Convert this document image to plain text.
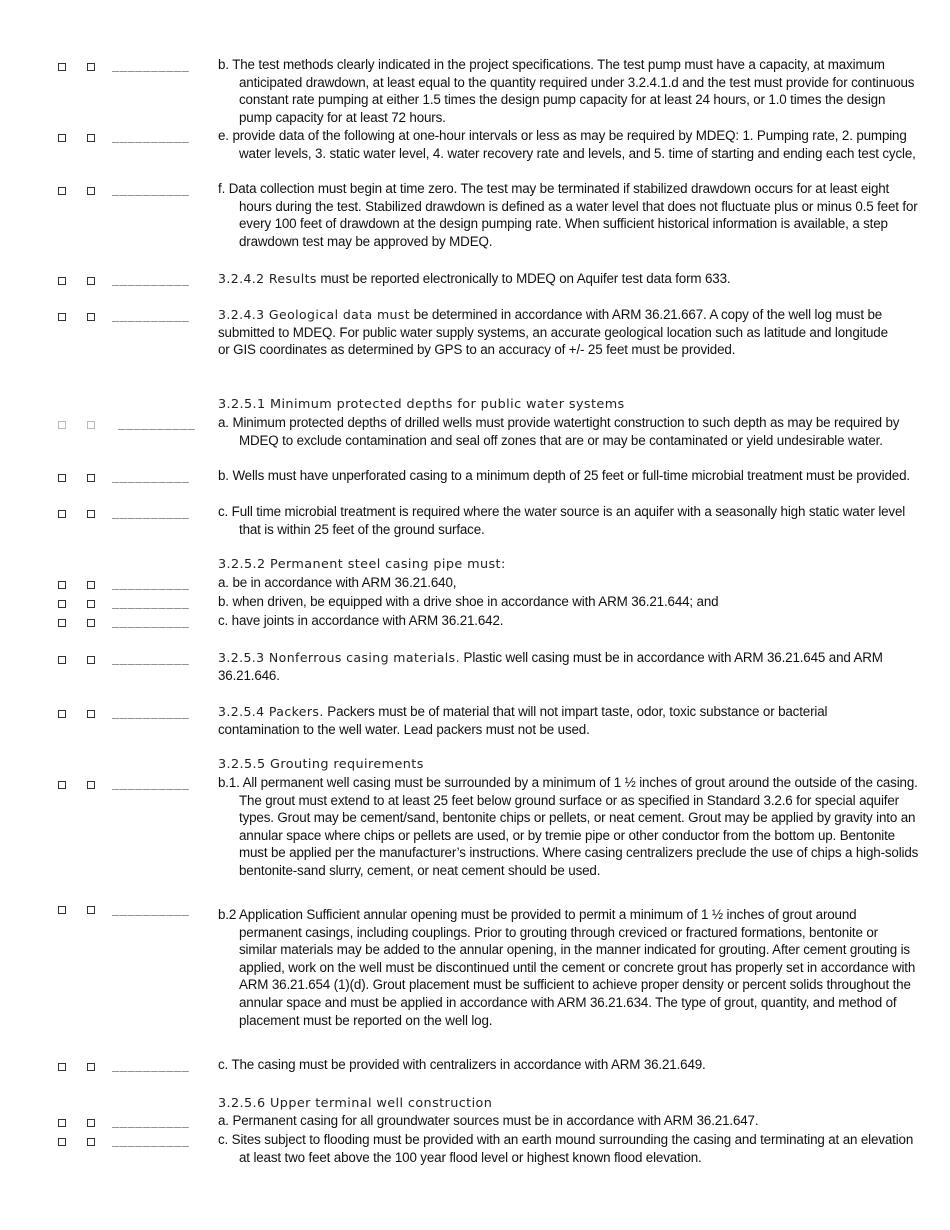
__________ b. The test methods clearly indicated in the project specifications. The test pump must have a capacity, at maximum anticipated drawdown, at least equal to the quantity required under 3.2.4.1.d and the test must provide for continuous constant rate pumping at either 1.5 times the design pump capacity for at least 24 hours, or 1.0 times the design pump capacity for at least 72 hours.
__________ e. provide data of the following at one-hour intervals or less as may be required by MDEQ: 1. Pumping rate, 2. pumping water levels, 3. static water level, 4. water recovery rate and levels, and 5. time of starting and ending each test cycle,
__________ f. Data collection must begin at time zero. The test may be terminated if stabilized drawdown occurs for at least eight hours during the test. Stabilized drawdown is defined as a water level that does not fluctuate plus or minus 0.5 feet for every 100 feet of drawdown at the design pumping rate. When sufficient historical information is available, a step drawdown test may be approved by MDEQ.
__________ 3.2.4.2 Results must be reported electronically to MDEQ on Aquifer test data form 633.
__________ 3.2.4.3 Geological data must be determined in accordance with ARM 36.21.667. A copy of the well log must be submitted to MDEQ. For public water supply systems, an accurate geological location such as latitude and longitude or GIS coordinates as determined by GPS to an accuracy of +/- 25 feet must be provided.
3.2.5.1 Minimum protected depths for public water systems
__________ a. Minimum protected depths of drilled wells must provide watertight construction to such depth as may be required by MDEQ to exclude contamination and seal off zones that are or may be contaminated or yield undesirable water.
__________ b. Wells must have unperforated casing to a minimum depth of 25 feet or full-time microbial treatment must be provided.
__________ c. Full time microbial treatment is required where the water source is an aquifer with a seasonally high static water level that is within 25 feet of the ground surface.
3.2.5.2 Permanent steel casing pipe must:
__________ a. be in accordance with ARM 36.21.640,
__________ b. when driven, be equipped with a drive shoe in accordance with ARM 36.21.644; and
__________ c. have joints in accordance with ARM 36.21.642.
__________ 3.2.5.3 Nonferrous casing materials. Plastic well casing must be in accordance with ARM 36.21.645 and ARM 36.21.646.
__________ 3.2.5.4 Packers. Packers must be of material that will not impart taste, odor, toxic substance or bacterial contamination to the well water. Lead packers must not be used.
3.2.5.5 Grouting requirements
__________ b.1. All permanent well casing must be surrounded by a minimum of 1 ½ inches of grout around the outside of the casing. The grout must extend to at least 25 feet below ground surface or as specified in Standard 3.2.6 for special aquifer types. Grout may be cement/sand, bentonite chips or pellets, or neat cement. Grout may be applied by gravity into an annular space where chips or pellets are used, or by tremie pipe or other conductor from the bottom up. Bentonite must be applied per the manufacturer’s instructions. Where casing centralizers preclude the use of chips a high-solids bentonite-sand slurry, cement, or neat cement should be used.
__________ b.2 Application Sufficient annular opening must be provided to permit a minimum of 1 ½ inches of grout around permanent casings, including couplings. Prior to grouting through creviced or fractured formations, bentonite or similar materials may be added to the annular opening, in the manner indicated for grouting. After cement grouting is applied, work on the well must be discontinued until the cement or concrete grout has properly set in accordance with ARM 36.21.654 (1)(d). Grout placement must be sufficient to achieve proper density or percent solids throughout the annular space and must be applied in accordance with ARM 36.21.634. The type of grout, quantity, and method of placement must be reported on the well log.
__________ c. The casing must be provided with centralizers in accordance with ARM 36.21.649.
3.2.5.6 Upper terminal well construction
__________ a. Permanent casing for all groundwater sources must be in accordance with ARM 36.21.647.
__________ c. Sites subject to flooding must be provided with an earth mound surrounding the casing and terminating at an elevation at least two feet above the 100 year flood level or highest known flood elevation.
